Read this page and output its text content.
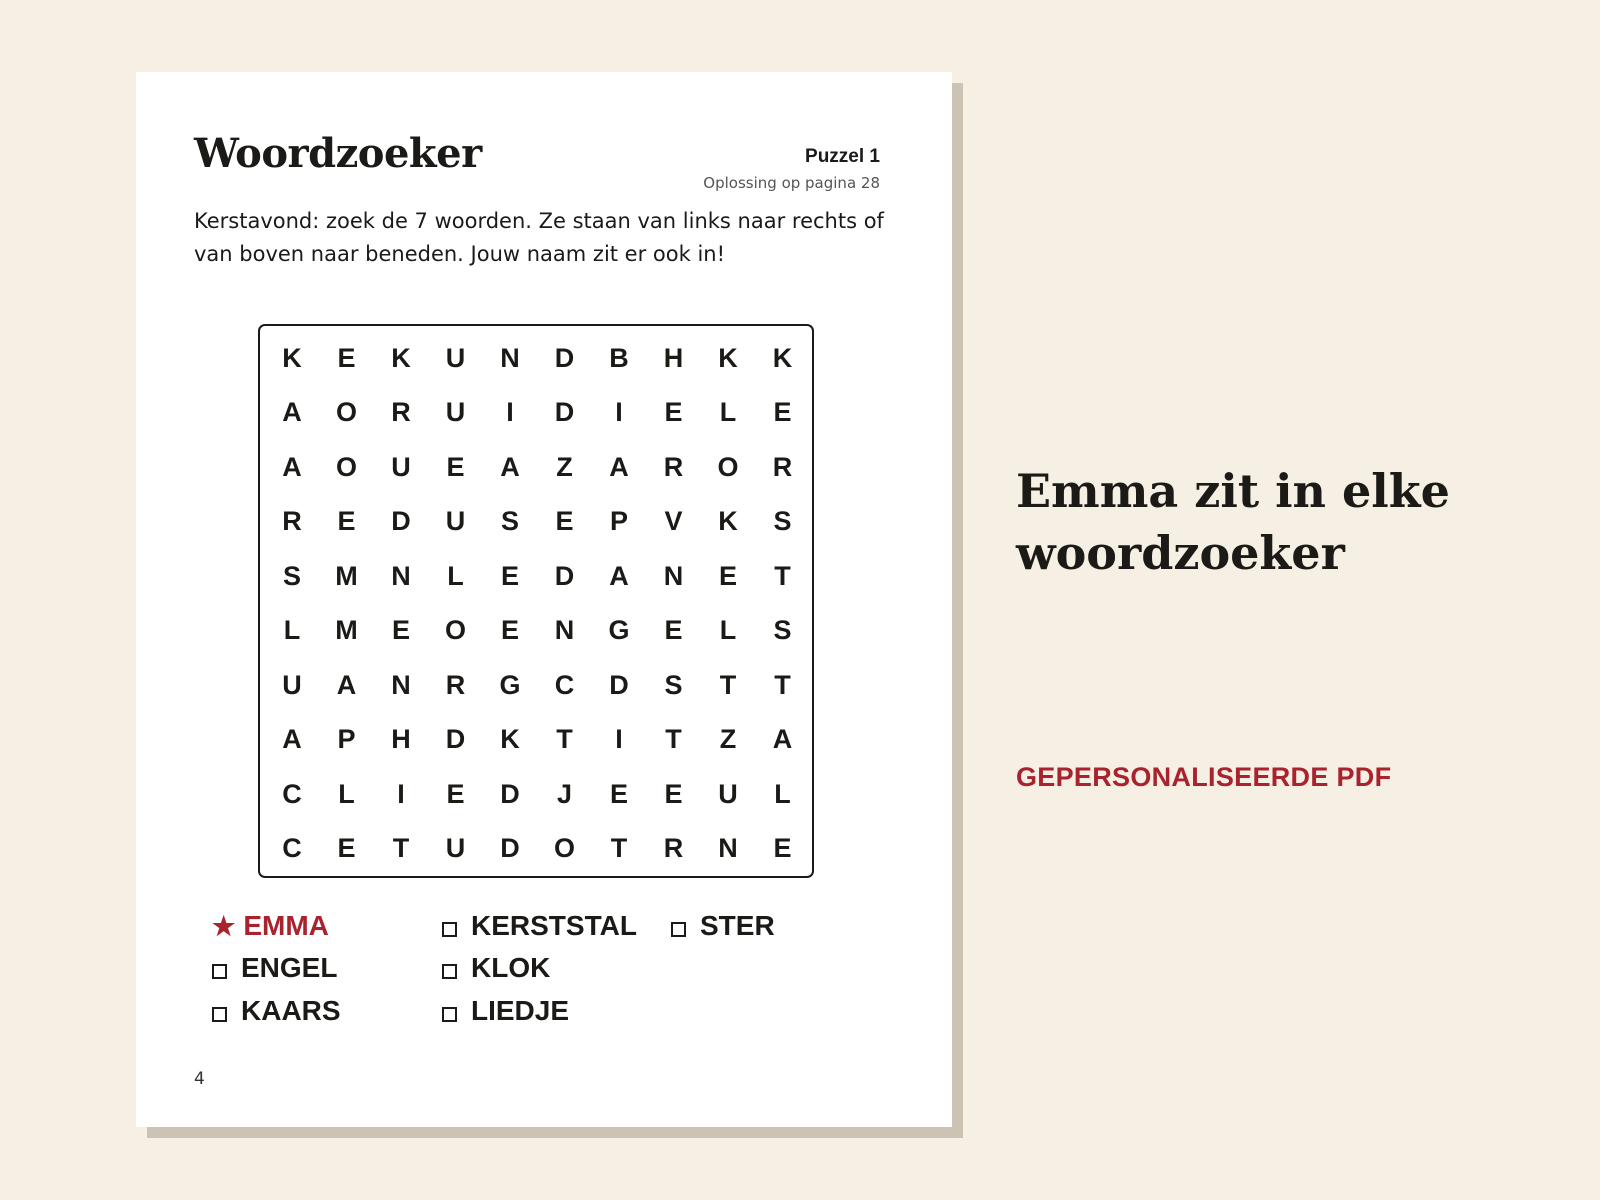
Woordzoeker	Puzzel 1
Oplossing op pagina 28
Kerstavond: zoek de 7 woorden. Ze staan van links naar rechts of van boven naar beneden. Jouw naam zit er ook in!
K	E	K	U	N	D	B	H	K	K
A	O	R	U	I	D	I	E	L	E
A	O	U	E	A	Z	A	R	O	R
R	E	D	U	S	E	P	V	K	S
S	M	N	L	E	D	A	N	E	T
L	M	E	O	E	N	G	E	L	S
U	A	N	R	G	C	D	S	T	T
A	P	H	D	K	T	I	T	Z	A
C	L	I	E	D	J	E	E	U	L
C	E	T	U	D	O	T	R	N	E
★ EMMA
ENGEL
KAARS
KERSTSTAL
KLOK
LIEDJE
STER
4
Emma zit in elke woordzoeker
GEPERSONALISEERDE PDF
